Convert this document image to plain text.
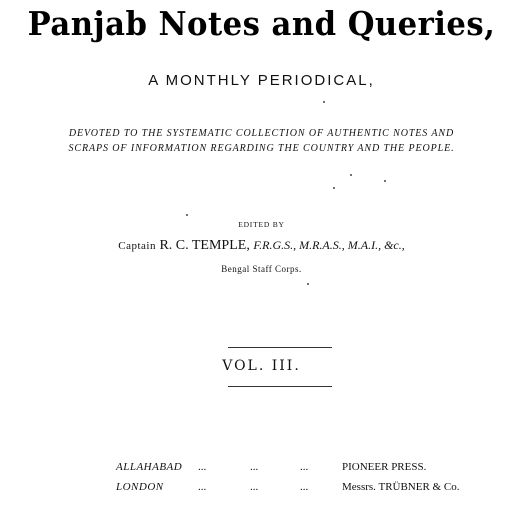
Panjab Notes and Queries,
A MONTHLY PERIODICAL,
DEVOTED TO THE SYSTEMATIC COLLECTION OF AUTHENTIC NOTES AND
SCRAPS OF INFORMATION REGARDING THE COUNTRY AND THE PEOPLE.
EDITED BY
Captain R. C. TEMPLE, F.R.G.S., M.R.A.S., M.A.I., &c.,
Bengal Staff Corps.
VOL. III.
ALLAHABAD ...	...	...	PIONEER PRESS.
LONDON	...	...	...	Messrs. TRÜBNER & Co.
